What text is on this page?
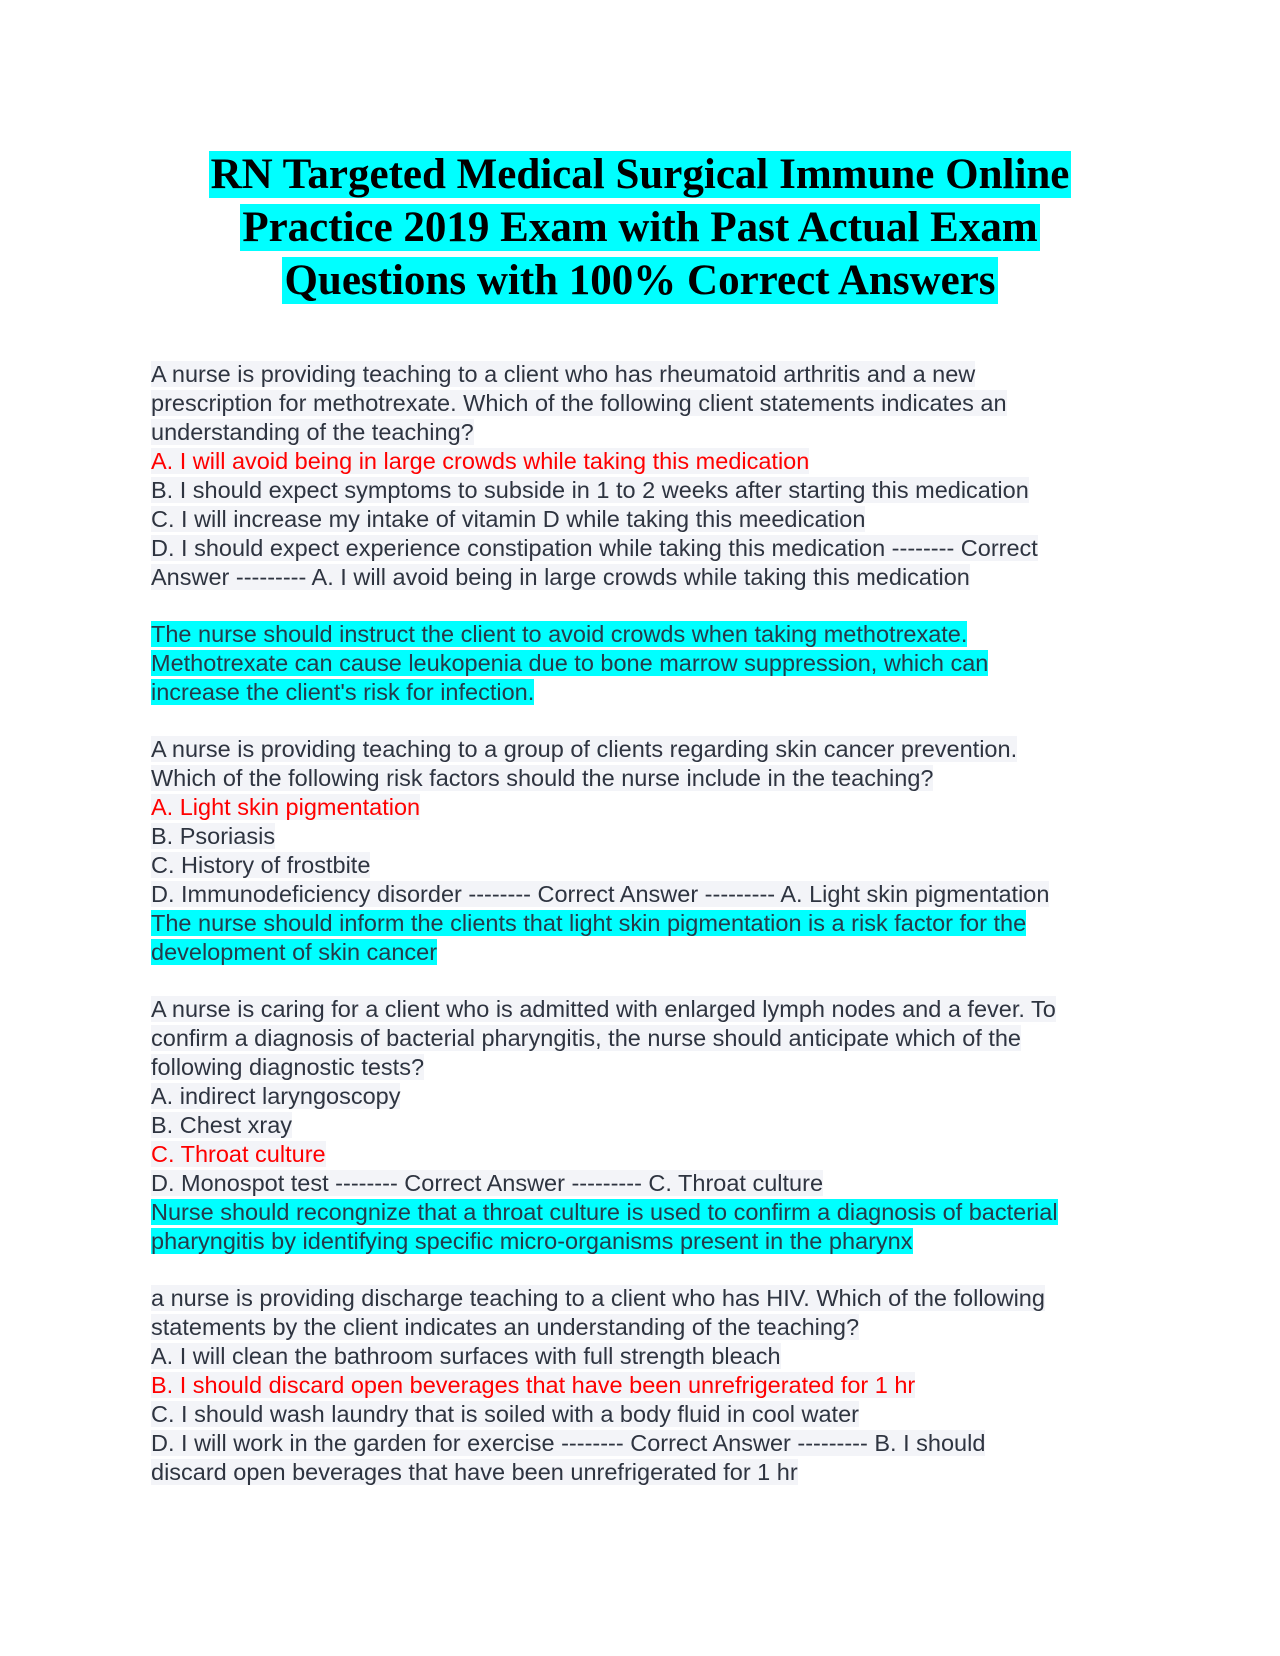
RN Targeted Medical Surgical Immune Online
Practice 2019 Exam with Past Actual Exam
Questions with 100% Correct Answers
A nurse is providing teaching to a client who has rheumatoid arthritis and a new
prescription for methotrexate. Which of the following client statements indicates an
understanding of the teaching?
A. I will avoid being in large crowds while taking this medication
B. I should expect symptoms to subside in 1 to 2 weeks after starting this medication
C. I will increase my intake of vitamin D while taking this meedication
D. I should expect experience constipation while taking this medication -------- Correct
Answer --------- A. I will avoid being in large crowds while taking this medication
The nurse should instruct the client to avoid crowds when taking methotrexate.
Methotrexate can cause leukopenia due to bone marrow suppression, which can
increase the client's risk for infection.
A nurse is providing teaching to a group of clients regarding skin cancer prevention.
Which of the following risk factors should the nurse include in the teaching?
A. Light skin pigmentation
B. Psoriasis
C. History of frostbite
D. Immunodeficiency disorder -------- Correct Answer --------- A. Light skin pigmentation
The nurse should inform the clients that light skin pigmentation is a risk factor for the
development of skin cancer
A nurse is caring for a client who is admitted with enlarged lymph nodes and a fever. To
confirm a diagnosis of bacterial pharyngitis, the nurse should anticipate which of the
following diagnostic tests?
A. indirect laryngoscopy
B. Chest xray
C. Throat culture
D. Monospot test -------- Correct Answer --------- C. Throat culture
Nurse should recongnize that a throat culture is used to confirm a diagnosis of bacterial
pharyngitis by identifying specific micro-organisms present in the pharynx
a nurse is providing discharge teaching to a client who has HIV. Which of the following
statements by the client indicates an understanding of the teaching?
A. I will clean the bathroom surfaces with full strength bleach
B. I should discard open beverages that have been unrefrigerated for 1 hr
C. I should wash laundry that is soiled with a body fluid in cool water
D. I will work in the garden for exercise -------- Correct Answer --------- B. I should
discard open beverages that have been unrefrigerated for 1 hr
